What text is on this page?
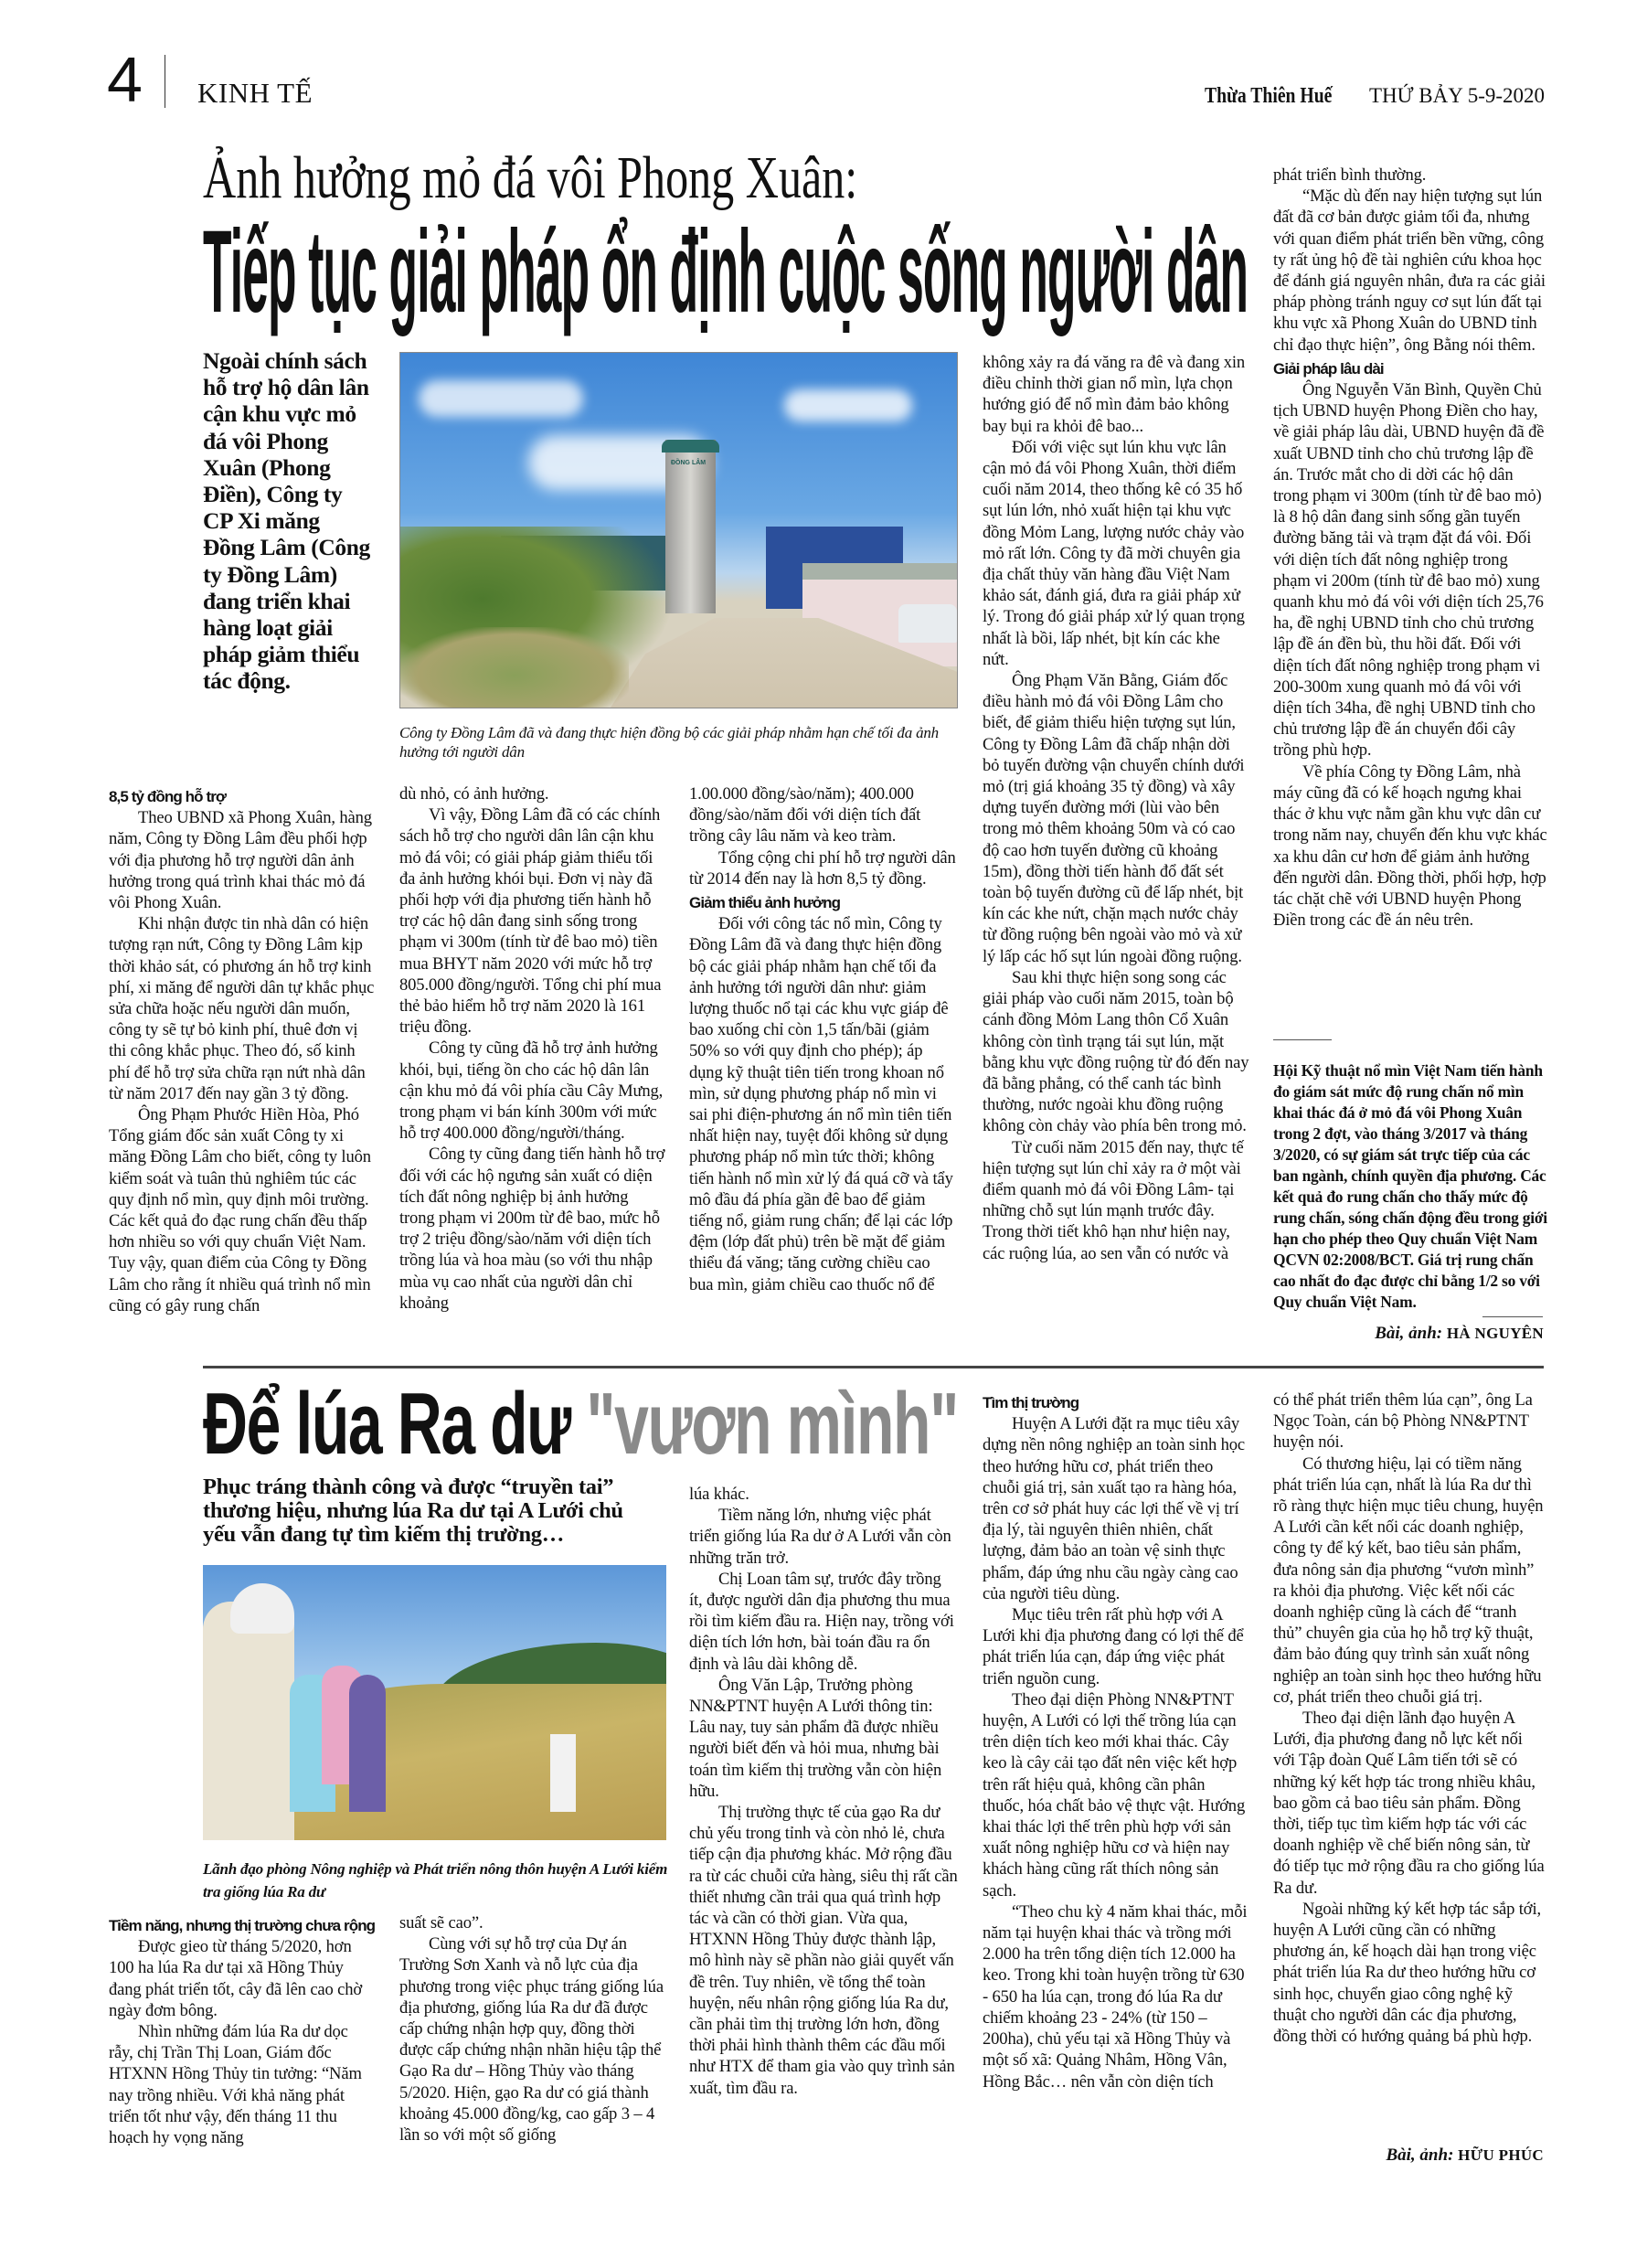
4 KINH TẾ	Thừa Thiên Huế THỨ BẢY 5-9-2020
Ảnh hưởng mỏ đá vôi Phong Xuân:
Tiếp tục giải pháp ổn định cuộc sống người dân
Ngoài chính sách hỗ trợ hộ dân lân cận khu vực mỏ đá vôi Phong Xuân (Phong Điền), Công ty CP Xi măng Đồng Lâm (Công ty Đồng Lâm) đang triển khai hàng loạt giải pháp giảm thiểu tác động.
ĐỒNG LÂM
Công ty Đồng Lâm đã và đang thực hiện đồng bộ các giải pháp nhằm hạn chế tối đa ảnh hưởng tới người dân
8,5 tỷ đồng hỗ trợ
Theo UBND xã Phong Xuân, hàng năm, Công ty Đồng Lâm đều phối hợp với địa phương hỗ trợ người dân ảnh hưởng trong quá trình khai thác mỏ đá vôi Phong Xuân.
Khi nhận được tin nhà dân có hiện tượng rạn nứt, Công ty Đồng Lâm kịp thời khảo sát, có phương án hỗ trợ kinh phí, xi măng để người dân tự khắc phục sửa chữa hoặc nếu người dân muốn, công ty sẽ tự bỏ kinh phí, thuê đơn vị thi công khắc phục. Theo đó, số kinh phí để hỗ trợ sửa chữa rạn nứt nhà dân từ năm 2017 đến nay gần 3 tỷ đồng.
Ông Phạm Phước Hiền Hòa, Phó Tổng giám đốc sản xuất Công ty xi măng Đồng Lâm cho biết, công ty luôn kiểm soát và tuân thủ nghiêm túc các quy định nổ mìn, quy định môi trường. Các kết quả đo đạc rung chấn đều thấp hơn nhiều so với quy chuẩn Việt Nam. Tuy vậy, quan điểm của Công ty Đồng Lâm cho rằng ít nhiều quá trình nổ mìn cũng có gây rung chấn
dù nhỏ, có ảnh hưởng.
Vì vậy, Đồng Lâm đã có các chính sách hỗ trợ cho người dân lân cận khu mỏ đá vôi; có giải pháp giảm thiểu tối đa ảnh hưởng khói bụi. Đơn vị này đã phối hợp với địa phương tiến hành hỗ trợ các hộ dân đang sinh sống trong phạm vi 300m (tính từ đê bao mỏ) tiền mua BHYT năm 2020 với mức hỗ trợ 805.000 đồng/người. Tổng chi phí mua thẻ bảo hiểm hỗ trợ năm 2020 là 161 triệu đồng.
Công ty cũng đã hỗ trợ ảnh hưởng khói, bụi, tiếng ồn cho các hộ dân lân cận khu mỏ đá vôi phía cầu Cây Mưng, trong phạm vi bán kính 300m với mức hỗ trợ 400.000 đồng/người/tháng.
Công ty cũng đang tiến hành hỗ trợ đối với các hộ ngưng sản xuất có diện tích đất nông nghiệp bị ảnh hưởng trong phạm vi 200m từ đê bao, mức hỗ trợ 2 triệu đồng/sào/năm với diện tích trồng lúa và hoa màu (so với thu nhập mùa vụ cao nhất của người dân chỉ khoảng
1.00.000 đồng/sào/năm); 400.000 đồng/sào/năm đối với diện tích đất trồng cây lâu năm và keo tràm.
Tổng cộng chi phí hỗ trợ người dân từ 2014 đến nay là hơn 8,5 tỷ đồng.
Giảm thiểu ảnh hưởng
Đối với công tác nổ mìn, Công ty Đồng Lâm đã và đang thực hiện đồng bộ các giải pháp nhằm hạn chế tối đa ảnh hưởng tới người dân như: giảm lượng thuốc nổ tại các khu vực giáp đê bao xuống chỉ còn 1,5 tấn/bãi (giảm 50% so với quy định cho phép); áp dụng kỹ thuật tiên tiến trong khoan nổ mìn, sử dụng phương pháp nổ mìn vi sai phi điện-phương án nổ mìn tiên tiến nhất hiện nay, tuyệt đối không sử dụng phương pháp nổ mìn tức thời; không tiến hành nổ mìn xử lý đá quá cỡ và tẩy mô đầu đá phía gần đê bao để giảm tiếng nổ, giảm rung chấn; để lại các lớp đệm (lớp đất phủ) trên bề mặt để giảm thiểu đá văng; tăng cường chiều cao bua mìn, giảm chiều cao thuốc nổ để
không xảy ra đá văng ra đê và đang xin điều chỉnh thời gian nổ mìn, lựa chọn hướng gió để nổ mìn đảm bảo không bay bụi ra khỏi đê bao...
Đối với việc sụt lún khu vực lân cận mỏ đá vôi Phong Xuân, thời điểm cuối năm 2014, theo thống kê có 35 hố sụt lún lớn, nhỏ xuất hiện tại khu vực đồng Mỏm Lang, lượng nước chảy vào mỏ rất lớn. Công ty đã mời chuyên gia địa chất thủy văn hàng đầu Việt Nam khảo sát, đánh giá, đưa ra giải pháp xử lý. Trong đó giải pháp xử lý quan trọng nhất là bồi, lấp nhét, bịt kín các khe nứt.
Ông Phạm Văn Bằng, Giám đốc điều hành mỏ đá vôi Đồng Lâm cho biết, để giảm thiểu hiện tượng sụt lún, Công ty Đồng Lâm đã chấp nhận dời bỏ tuyến đường vận chuyển chính dưới mỏ (trị giá khoảng 35 tỷ đồng) và xây dựng tuyến đường mới (lùi vào bên trong mỏ thêm khoảng 50m và có cao độ cao hơn tuyến đường cũ khoảng 15m), đồng thời tiến hành đổ đất sét toàn bộ tuyến đường cũ để lấp nhét, bịt kín các khe nứt, chặn mạch nước chảy từ đồng ruộng bên ngoài vào mỏ và xử lý lấp các hố sụt lún ngoài đồng ruộng.
Sau khi thực hiện song song các giải pháp vào cuối năm 2015, toàn bộ cánh đồng Mỏm Lang thôn Cổ Xuân không còn tình trạng tái sụt lún, mặt bằng khu vực đồng ruộng từ đó đến nay đã bằng phẳng, có thể canh tác bình thường, nước ngoài khu đồng ruộng không còn chảy vào phía bên trong mỏ.
Từ cuối năm 2015 đến nay, thực tế hiện tượng sụt lún chỉ xảy ra ở một vài điểm quanh mỏ đá vôi Đồng Lâm- tại những chỗ sụt lún mạnh trước đây. Trong thời tiết khô hạn như hiện nay, các ruộng lúa, ao sen vẫn có nước và
phát triển bình thường.
“Mặc dù đến nay hiện tượng sụt lún đất đã cơ bản được giảm tối đa, nhưng với quan điểm phát triển bền vững, công ty rất ủng hộ đề tài nghiên cứu khoa học để đánh giá nguyên nhân, đưa ra các giải pháp phòng tránh nguy cơ sụt lún đất tại khu vực xã Phong Xuân do UBND tỉnh chỉ đạo thực hiện”, ông Bằng nói thêm.
Giải pháp lâu dài
Ông Nguyễn Văn Bình, Quyền Chủ tịch UBND huyện Phong Điền cho hay, về giải pháp lâu dài, UBND huyện đã đề xuất UBND tỉnh cho chủ trương lập đề án. Trước mắt cho di dời các hộ dân trong phạm vi 300m (tính từ đê bao mỏ) là 8 hộ dân đang sinh sống gần tuyến đường băng tải và trạm đặt đá vôi. Đối với diện tích đất nông nghiệp trong phạm vi 200m (tính từ đê bao mỏ) xung quanh khu mỏ đá vôi với diện tích 25,76 ha, đề nghị UBND tỉnh cho chủ trương lập đề án đền bù, thu hồi đất. Đối với diện tích đất nông nghiệp trong phạm vi 200-300m xung quanh mỏ đá vôi với diện tích 34ha, đề nghị UBND tỉnh cho chủ trương lập đề án chuyển đổi cây trồng phù hợp.
Về phía Công ty Đồng Lâm, nhà máy cũng đã có kế hoạch ngưng khai thác ở khu vực nằm gần khu vực dân cư trong năm nay, chuyển đến khu vực khác xa khu dân cư hơn để giảm ảnh hưởng đến người dân. Đồng thời, phối hợp, hợp tác chặt chẽ với UBND huyện Phong Điền trong các đề án nêu trên.
Hội Kỹ thuật nổ mìn Việt Nam tiến hành đo giám sát mức độ rung chấn nổ mìn khai thác đá ở mỏ đá vôi Phong Xuân trong 2 đợt, vào tháng 3/2017 và tháng 3/2020, có sự giám sát trực tiếp của các ban ngành, chính quyền địa phương. Các kết quả đo rung chấn cho thấy mức độ rung chấn, sóng chấn động đều trong giới hạn cho phép theo Quy chuẩn Việt Nam QCVN 02:2008/BCT. Giá trị rung chấn cao nhất đo đạc được chỉ bằng 1/2 so với Quy chuẩn Việt Nam.
Bài, ảnh: HÀ NGUYÊN
Để lúa Ra dư "vươn mình"
Phục tráng thành công và được “truyền tai” thương hiệu, nhưng lúa Ra dư tại A Lưới chủ yếu vẫn đang tự tìm kiếm thị trường…
Lãnh đạo phòng Nông nghiệp và Phát triển nông thôn huyện A Lưới kiểm tra giống lúa Ra dư
Tiềm năng, nhưng thị trường chưa rộng
Được gieo từ tháng 5/2020, hơn 100 ha lúa Ra dư tại xã Hồng Thủy đang phát triển tốt, cây đã lên cao chờ ngày đơm bông.
Nhìn những đám lúa Ra dư dọc rẫy, chị Trần Thị Loan, Giám đốc HTXNN Hồng Thủy tin tưởng: “Năm nay trồng nhiều. Với khả năng phát triển tốt như vậy, đến tháng 11 thu hoạch hy vọng năng
suất sẽ cao”.
Cùng với sự hỗ trợ của Dự án Trường Sơn Xanh và nỗ lực của địa phương trong việc phục tráng giống lúa địa phương, giống lúa Ra dư đã được cấp chứng nhận hợp quy, đồng thời được cấp chứng nhận nhãn hiệu tập thể Gạo Ra dư – Hồng Thủy vào tháng 5/2020. Hiện, gạo Ra dư có giá thành khoảng 45.000 đồng/kg, cao gấp 3 – 4 lần so với một số giống
lúa khác.
Tiềm năng lớn, nhưng việc phát triển giống lúa Ra dư ở A Lưới vẫn còn những trăn trở.
Chị Loan tâm sự, trước đây trồng ít, được người dân địa phương thu mua rồi tìm kiếm đầu ra. Hiện nay, trồng với diện tích lớn hơn, bài toán đầu ra ổn định và lâu dài không dễ.
Ông Văn Lập, Trưởng phòng NN&PTNT huyện A Lưới thông tin: Lâu nay, tuy sản phẩm đã được nhiều người biết đến và hỏi mua, nhưng bài toán tìm kiếm thị trường vẫn còn hiện hữu.
Thị trường thực tế của gạo Ra dư chủ yếu trong tỉnh và còn nhỏ lẻ, chưa tiếp cận địa phương khác. Mở rộng đầu ra từ các chuỗi cửa hàng, siêu thị rất cần thiết nhưng cần trải qua quá trình hợp tác và cần có thời gian. Vừa qua, HTXNN Hồng Thủy được thành lập, mô hình này sẽ phần nào giải quyết vấn đề trên. Tuy nhiên, về tổng thể toàn huyện, nếu nhân rộng giống lúa Ra dư, cần phải tìm thị trường lớn hơn, đồng thời phải hình thành thêm các đầu mối như HTX để tham gia vào quy trình sản xuất, tìm đầu ra.
Tìm thị trường
Huyện A Lưới đặt ra mục tiêu xây dựng nền nông nghiệp an toàn sinh học theo hướng hữu cơ, phát triển theo chuỗi giá trị, sản xuất tạo ra hàng hóa, trên cơ sở phát huy các lợi thế về vị trí địa lý, tài nguyên thiên nhiên, chất lượng, đảm bảo an toàn vệ sinh thực phẩm, đáp ứng nhu cầu ngày càng cao của người tiêu dùng.
Mục tiêu trên rất phù hợp với A Lưới khi địa phương đang có lợi thế để phát triển lúa cạn, đáp ứng việc phát triển nguồn cung.
Theo đại diện Phòng NN&PTNT huyện, A Lưới có lợi thế trồng lúa cạn trên diện tích keo mới khai thác. Cây keo là cây cải tạo đất nên việc kết hợp trên rất hiệu quả, không cần phân thuốc, hóa chất bảo vệ thực vật. Hướng khai thác lợi thế trên phù hợp với sản xuất nông nghiệp hữu cơ và hiện nay khách hàng cũng rất thích nông sản sạch.
“Theo chu kỳ 4 năm khai thác, mỗi năm tại huyện khai thác và trồng mới 2.000 ha trên tổng diện tích 12.000 ha keo. Trong khi toàn huyện trồng từ 630 - 650 ha lúa cạn, trong đó lúa Ra dư chiếm khoảng 23 - 24% (từ 150 – 200ha), chủ yếu tại xã Hồng Thủy và một số xã: Quảng Nhâm, Hồng Vân, Hồng Bắc… nên vẫn còn diện tích
có thể phát triển thêm lúa cạn”, ông La Ngọc Toàn, cán bộ Phòng NN&PTNT huyện nói.
Có thương hiệu, lại có tiềm năng phát triển lúa cạn, nhất là lúa Ra dư thì rõ ràng thực hiện mục tiêu chung, huyện A Lưới cần kết nối các doanh nghiệp, công ty để ký kết, bao tiêu sản phẩm, đưa nông sản địa phương “vươn mình” ra khỏi địa phương. Việc kết nối các doanh nghiệp cũng là cách để “tranh thủ” chuyên gia của họ hỗ trợ kỹ thuật, đảm bảo đúng quy trình sản xuất nông nghiệp an toàn sinh học theo hướng hữu cơ, phát triển theo chuỗi giá trị.
Theo đại diện lãnh đạo huyện A Lưới, địa phương đang nỗ lực kết nối với Tập đoàn Quế Lâm tiến tới sẽ có những ký kết hợp tác trong nhiều khâu, bao gồm cả bao tiêu sản phẩm. Đồng thời, tiếp tục tìm kiếm hợp tác với các doanh nghiệp về chế biến nông sản, từ đó tiếp tục mở rộng đầu ra cho giống lúa Ra dư.
Ngoài những ký kết hợp tác sắp tới, huyện A Lưới cũng cần có những phương án, kế hoạch dài hạn trong việc phát triển lúa Ra dư theo hướng hữu cơ sinh học, chuyển giao công nghệ kỹ thuật cho người dân các địa phương, đồng thời có hướng quảng bá phù hợp.
Bài, ảnh: HỮU PHÚC
